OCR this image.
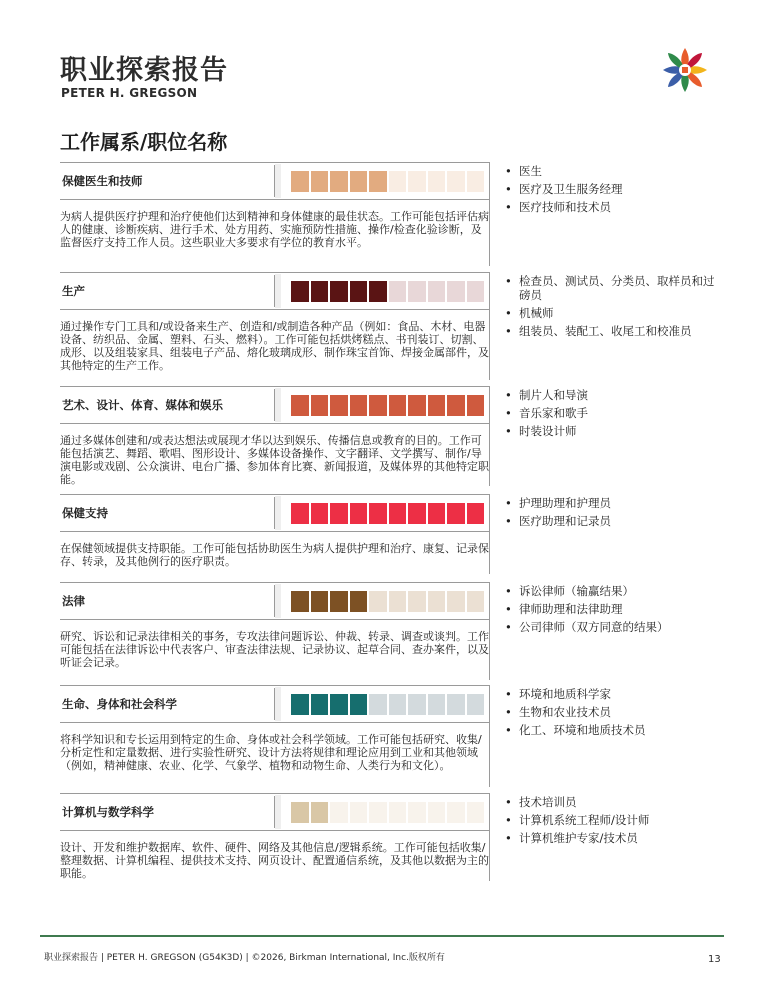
职业探索报告
PETER H. GREGSON
工作属系/职位名称
保健医生和技师
为病人提供医疗护理和治疗使他们达到精神和身体健康的最佳状态。工作可能包括评估病人的健康、诊断疾病、进行手术、处方用药、实施预防性措施、操作/检查化验诊断，及监督医疗支持工作人员。这些职业大多要求有学位的教育水平。
• 医生
• 医疗及卫生服务经理
• 医疗技师和技术员
生产
通过操作专门工具和/或设备来生产、创造和/或制造各种产品（例如：食品、木材、电器设备、纺织品、金属、塑料、石头、燃料）。工作可能包括烘烤糕点、书刊装订、切割、成形、以及组装家具、组装电子产品、熔化玻璃成形、制作珠宝首饰、焊接金属部件，及其他特定的生产工作。
• 检查员、测试员、分类员、取样员和过磅员
• 机械师
• 组装员、装配工、收尾工和校准员
艺术、设计、体育、媒体和娱乐
通过多媒体创建和/或表达想法或展现才华以达到娱乐、传播信息或教育的目的。工作可能包括演艺、舞蹈、歌唱、图形设计、多媒体设备操作、文字翻译、文学撰写、制作/导演电影或戏剧、公众演讲、电台广播、参加体育比赛、新闻报道，及媒体界的其他特定职能。
• 制片人和导演
• 音乐家和歌手
• 时装设计师
保健支持
在保健领域提供支持职能。工作可能包括协助医生为病人提供护理和治疗、康复、记录保存、转录，及其他例行的医疗职责。
• 护理助理和护理员
• 医疗助理和记录员
法律
研究、诉讼和记录法律相关的事务，专攻法律问题诉讼、仲裁、转录、调查或谈判。工作可能包括在法律诉讼中代表客户、审查法律法规、记录协议、起草合同、查办案件，以及听证会记录。
• 诉讼律师（输赢结果）
• 律师助理和法律助理
• 公司律师（双方同意的结果）
生命、身体和社会科学
将科学知识和专长运用到特定的生命、身体或社会科学领域。工作可能包括研究、收集/分析定性和定量数据、进行实验性研究、设计方法将规律和理论应用到工业和其他领域（例如，精神健康、农业、化学、气象学、植物和动物生命、人类行为和文化）。
• 环境和地质科学家
• 生物和农业技术员
• 化工、环境和地质技术员
计算机与数学科学
设计、开发和维护数据库、软件、硬件、网络及其他信息/逻辑系统。工作可能包括收集/整理数据、计算机编程、提供技术支持、网页设计、配置通信系统，及其他以数据为主的职能。
• 技术培训员
• 计算机系统工程师/设计师
• 计算机维护专家/技术员
职业探索报告 | PETER H. GREGSON (G54K3D) | ©2026, Birkman International, Inc.版权所有	13
